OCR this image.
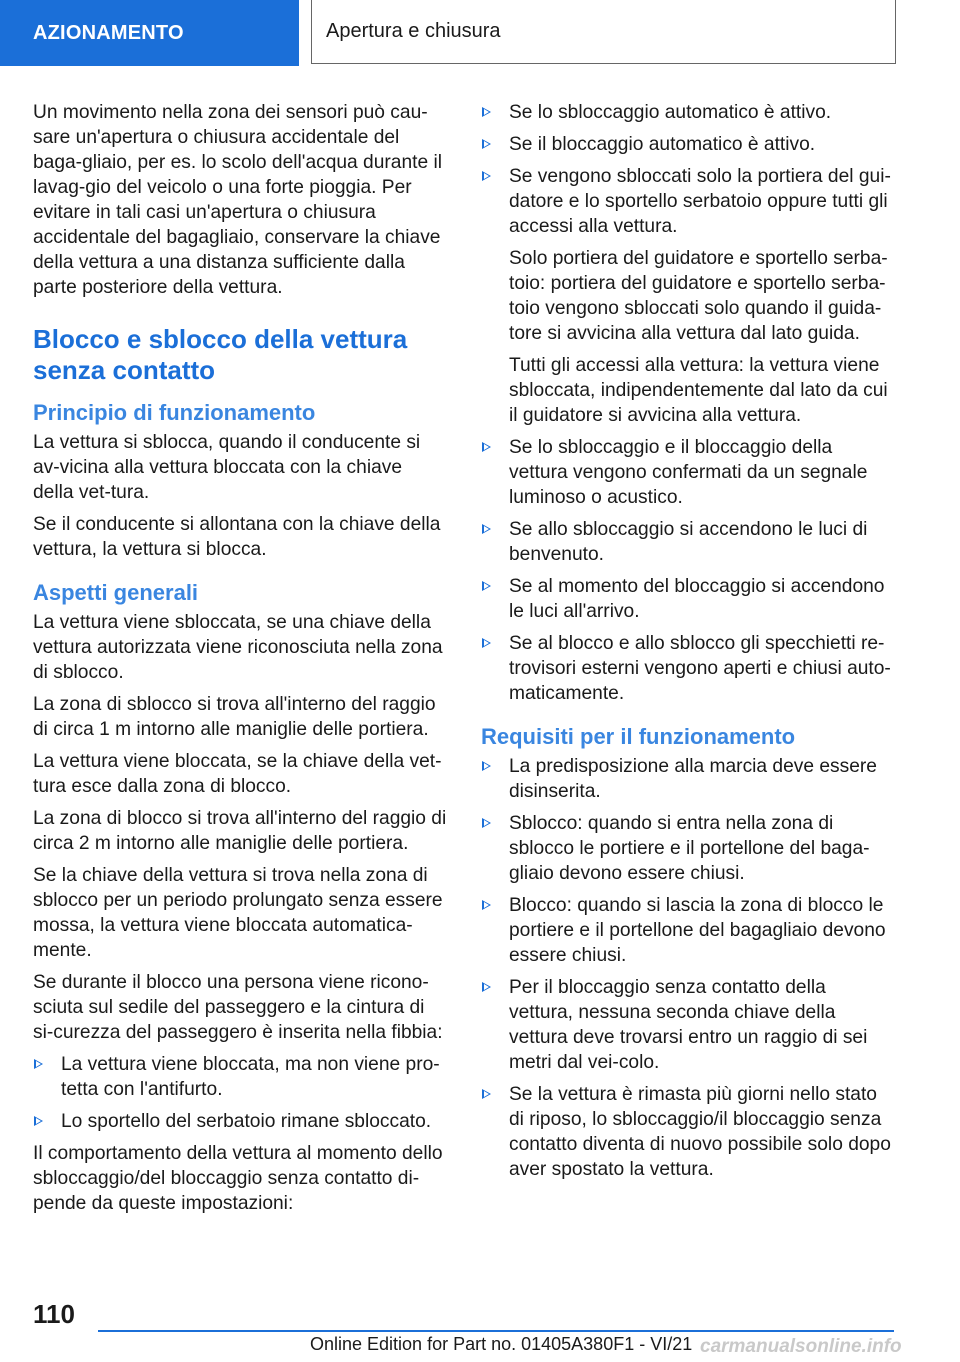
AZIONAMENTO	Apertura e chiusura

Un movimento nella zona dei sensori può cau-sare un'apertura o chiusura accidentale del baga-gliaio, per es. lo scolo dell'acqua durante il lavag-gio del veicolo o una forte pioggia. Per evitare in tali casi un'apertura o chiusura accidentale del bagagliaio, conservare la chiave della vettura a una distanza sufficiente dalla parte posteriore della vettura.

Blocco e sblocco della vettura senza contatto
Principio di funzionamento

La vettura si sblocca, quando il conducente si av-vicina alla vettura bloccata con la chiave della vet-tura.

Se il conducente si allontana con la chiave della vettura, la vettura si blocca.

Aspetti generali

La vettura viene sbloccata, se una chiave della vettura autorizzata viene riconosciuta nella zona di sblocco.

La zona di sblocco si trova all'interno del raggio di circa 1 m intorno alle maniglie delle portiera.

La vettura viene bloccata, se la chiave della vet-tura esce dalla zona di blocco.

La zona di blocco si trova all'interno del raggio di circa 2 m intorno alle maniglie delle portiera.

Se la chiave della vettura si trova nella zona di sblocco per un periodo prolungato senza essere mossa, la vettura viene bloccata automatica-mente.

Se durante il blocco una persona viene ricono-sciuta sul sedile del passeggero e la cintura di si-curezza del passeggero è inserita nella fibbia:

La vettura viene bloccata, ma non viene pro-tetta con l'antifurto.
Lo sportello del serbatoio rimane sbloccato.

Il comportamento della vettura al momento dello sbloccaggio/del bloccaggio senza contatto di-pende da queste impostazioni:

Se lo sbloccaggio automatico è attivo.
Se il bloccaggio automatico è attivo.
Se vengono sbloccati solo la portiera del gui-datore e lo sportello serbatoio oppure tutti gli accessi alla vettura.

Solo portiera del guidatore e sportello serba-toio: portiera del guidatore e sportello serba-toio vengono sbloccati solo quando il guida-tore si avvicina alla vettura dal lato guida.

Tutti gli accessi alla vettura: la vettura viene sbloccata, indipendentemente dal lato da cui il guidatore si avvicina alla vettura.

Se lo sbloccaggio e il bloccaggio della vettura vengono confermati da un segnale luminoso o acustico.
Se allo sbloccaggio si accendono le luci di benvenuto.
Se al momento del bloccaggio si accendono le luci all'arrivo.
Se al blocco e allo sblocco gli specchietti re-trovisori esterni vengono aperti e chiusi auto-maticamente.
Requisiti per il funzionamento
La predisposizione alla marcia deve essere disinserita.
Sblocco: quando si entra nella zona di sblocco le portiere e il portellone del baga-gliaio devono essere chiusi.
Blocco: quando si lascia la zona di blocco le portiere e il portellone del bagagliaio devono essere chiusi.
Per il bloccaggio senza contatto della vettura, nessuna seconda chiave della vettura deve trovarsi entro un raggio di sei metri dal vei-colo.
Se la vettura è rimasta più giorni nello stato di riposo, lo sbloccaggio/il bloccaggio senza contatto diventa di nuovo possibile solo dopo aver spostato la vettura.
110
Online Edition for Part no. 01405A380F1 - VI/21 carmanualsonline.info
